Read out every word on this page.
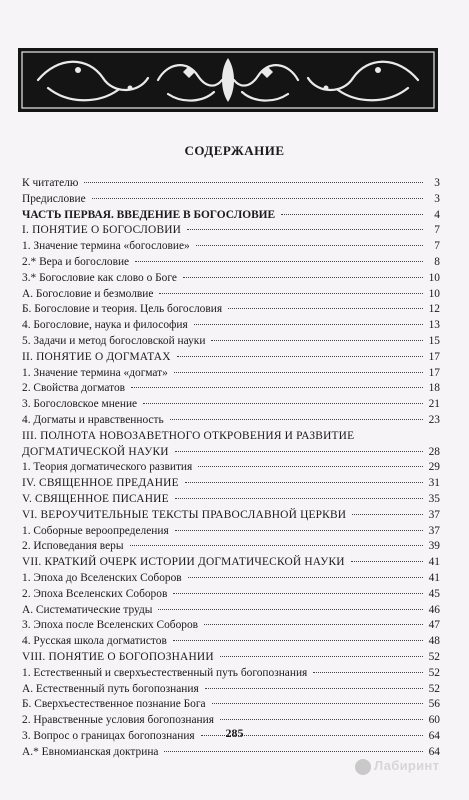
СОДЕРЖАНИЕ
К читателю	3
Предисловие	3
ЧАСТЬ ПЕРВАЯ. ВВЕДЕНИЕ В БОГОСЛОВИЕ	4
I. ПОНЯТИЕ О БОГОСЛОВИИ	7
1. Значение термина «богословие»	7
2.* Вера и богословие	8
3.* Богословие как слово о Боге	10
А. Богословие и безмолвие	10
Б. Богословие и теория. Цель богословия	12
4. Богословие, наука и философия	13
5. Задачи и метод богословской науки	15
II. ПОНЯТИЕ О ДОГМАТАХ	17
1. Значение термина «догмат»	17
2. Свойства догматов	18
3. Богословское мнение	21
4. Догматы и нравственность	23
III. ПОЛНОТА НОВОЗАВЕТНОГО ОТКРОВЕНИЯ И РАЗВИТИЕ
ДОГМАТИЧЕСКОЙ НАУКИ	28
1. Теория догматического развития	29
IV. СВЯЩЕННОЕ ПРЕДАНИЕ	31
V. СВЯЩЕННОЕ ПИСАНИЕ	35
VI. ВЕРОУЧИТЕЛЬНЫЕ ТЕКСТЫ ПРАВОСЛАВНОЙ ЦЕРКВИ	37
1. Соборные вероопределения	37
2. Исповедания веры	39
VII. КРАТКИЙ ОЧЕРК ИСТОРИИ ДОГМАТИЧЕСКОЙ НАУКИ	41
1. Эпоха до Вселенских Соборов	41
2. Эпоха Вселенских Соборов	45
А. Систематические труды	46
3. Эпоха после Вселенских Соборов	47
4. Русская школа догматистов	48
VIII. ПОНЯТИЕ О БОГОПОЗНАНИИ	52
1. Естественный и сверхъестественный путь богопознания	52
А. Естественный путь богопознания	52
Б. Сверхъестественное познание Бога	56
2. Нравственные условия богопознания	60
3. Вопрос о границах богопознания	64
А.* Евномианская доктрина	64
285
Лабиринт
